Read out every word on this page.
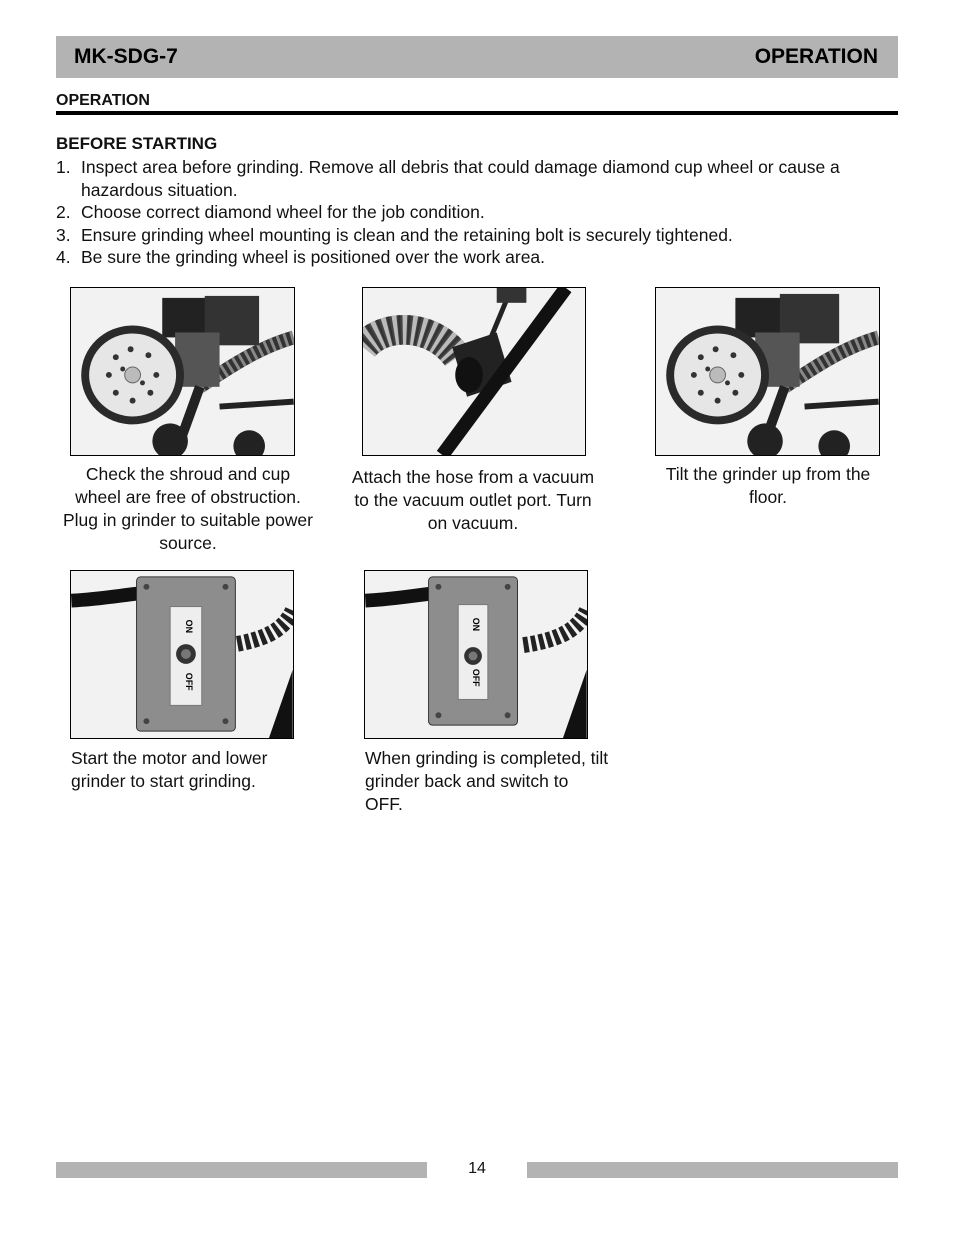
MK-SDG-7	OPERATION
OPERATION
BEFORE STARTING
1. Inspect area before grinding. Remove all debris that could damage diamond cup wheel or cause a hazardous situation.
2. Choose correct diamond wheel for the job condition.
3. Ensure grinding wheel mounting is clean and the retaining bolt is securely tightened.
4. Be sure the grinding wheel is positioned over the work area.
Check the shroud and cup wheel are free of obstruction. Plug in grinder to suitable power source.
Attach the hose from a vacuum to the vacuum outlet port. Turn on vacuum.
Tilt the grinder up from the floor.
ON
OFF
ON
OFF
Start the motor and lower grinder to start grinding.
When grinding is completed, tilt grinder back and switch to OFF.
14
